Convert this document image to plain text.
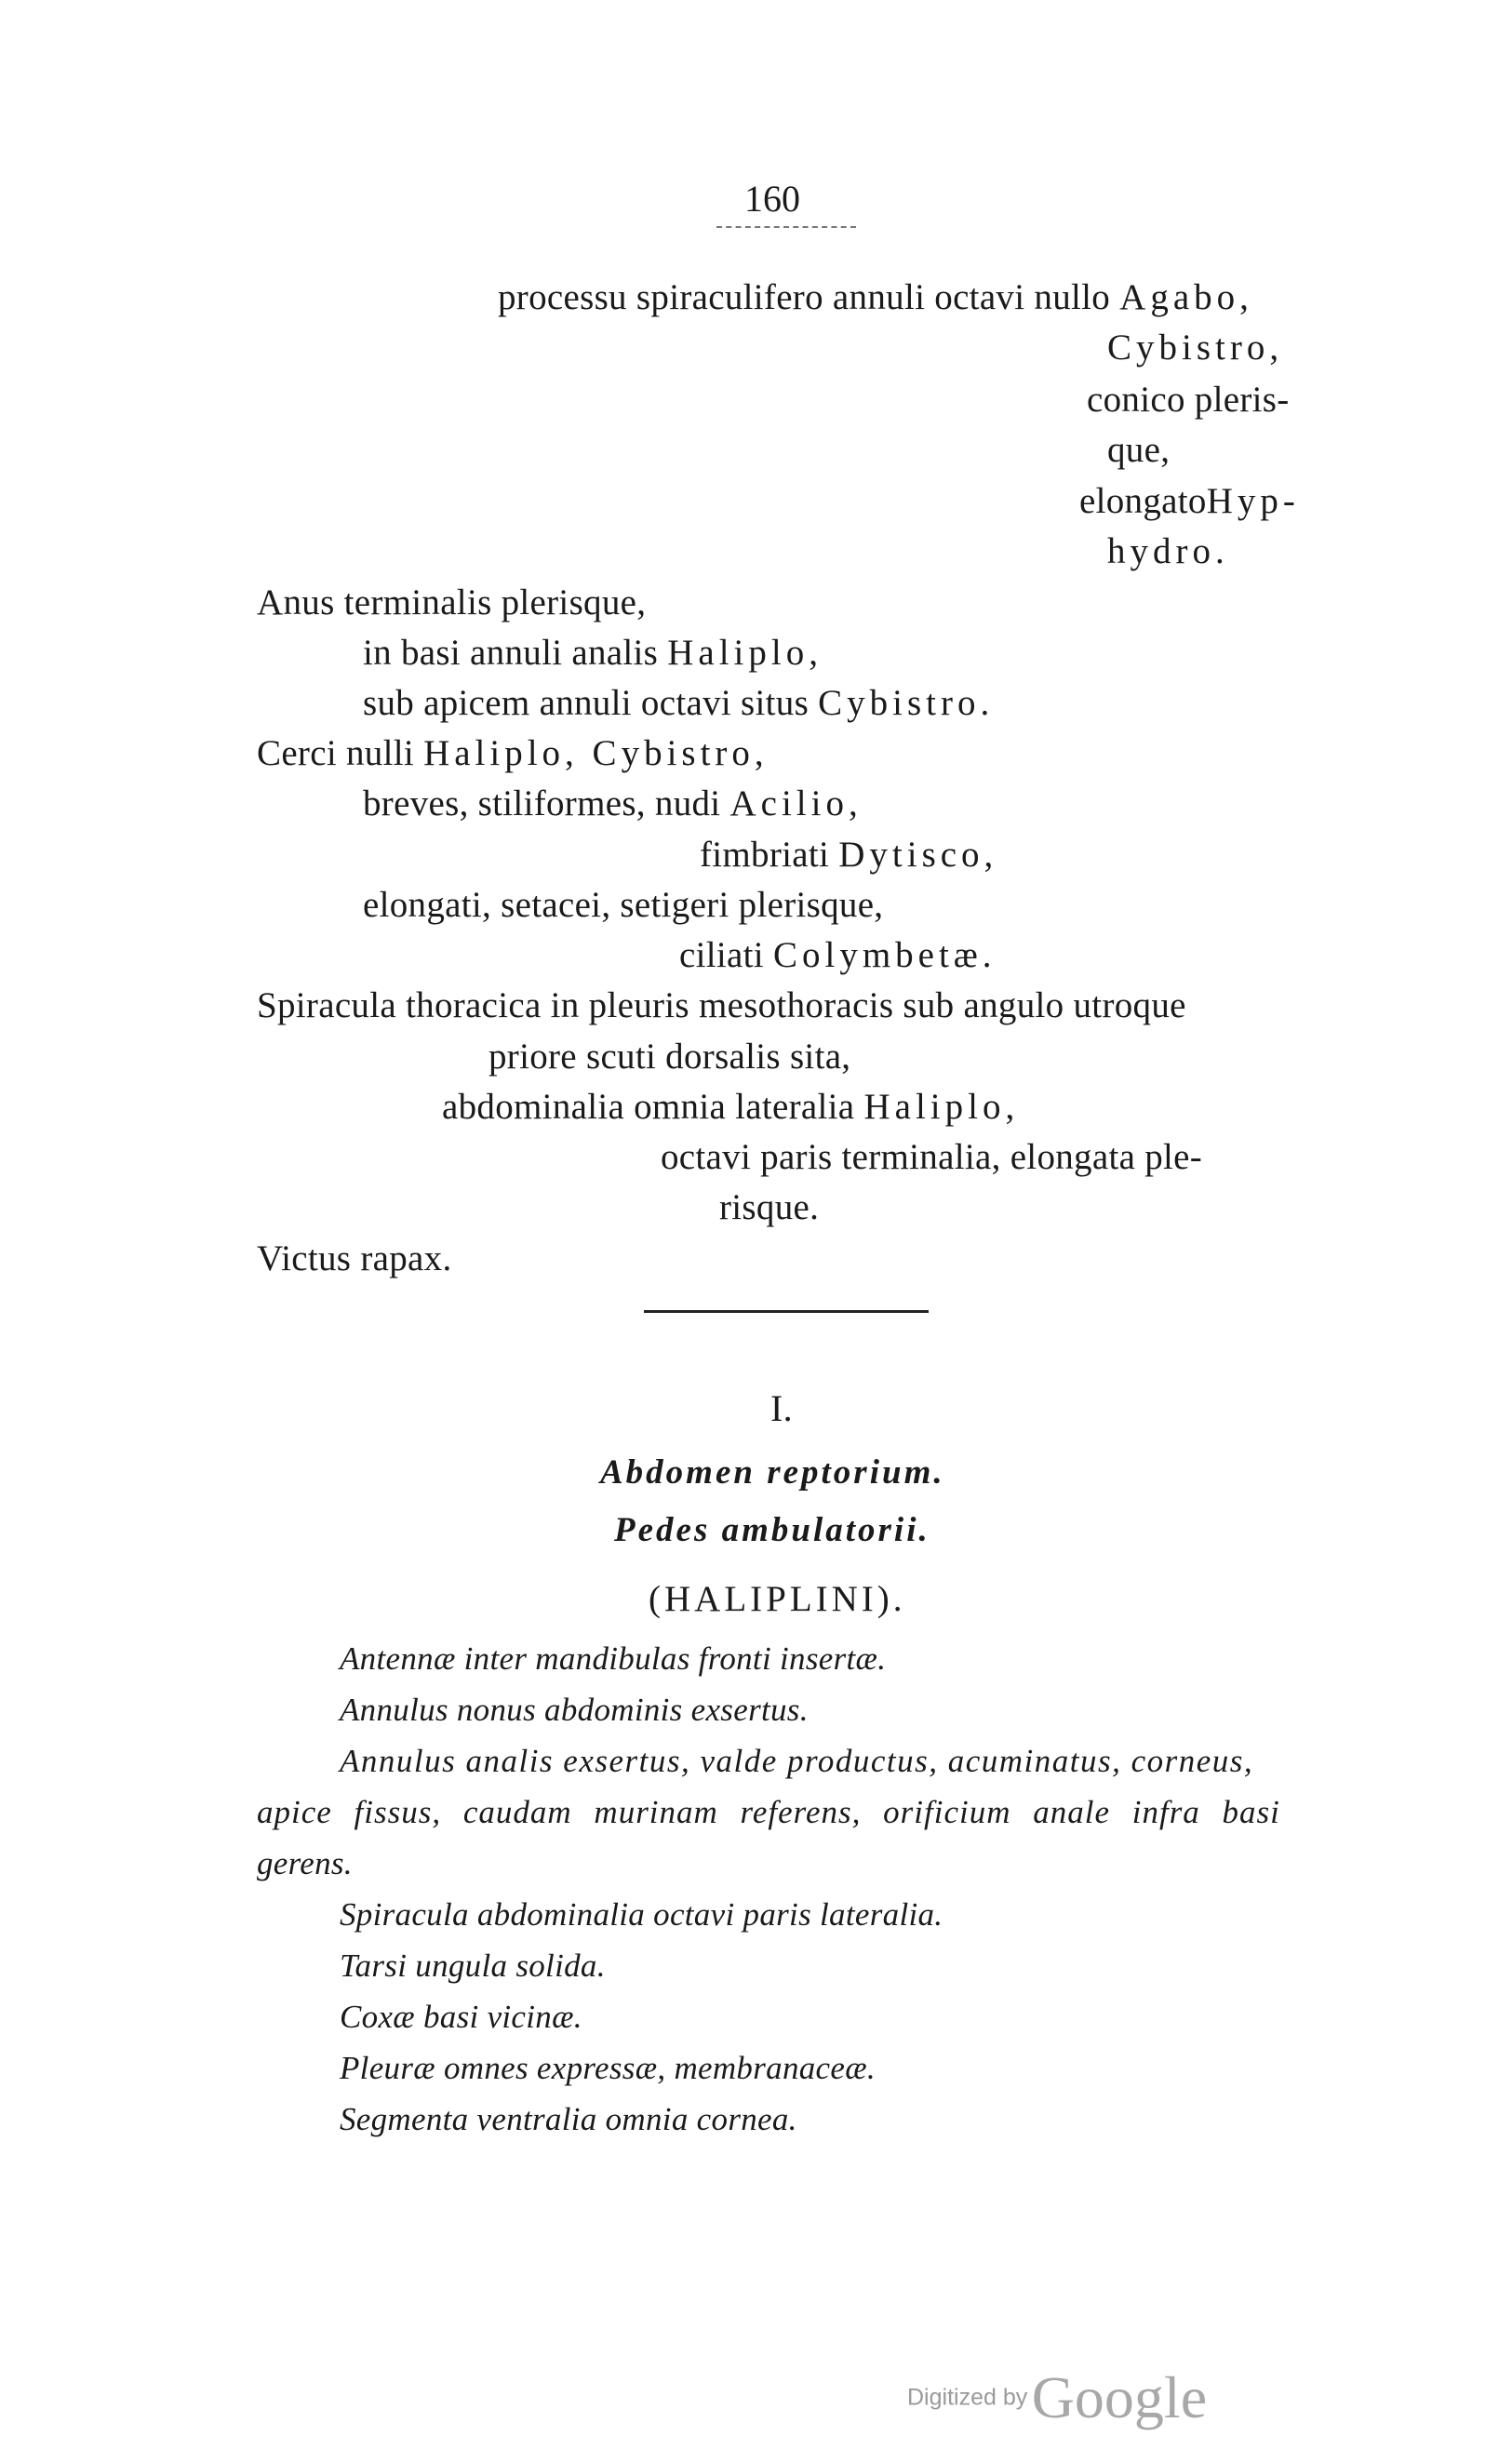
160
processu spiraculifero annuli octavi nullo Agabo,
Cybistro,
conico pleris-
que,
elongatoHyp-
hydro.
Anus terminalis plerisque,
in basi annuli analis Haliplo,
sub apicem annuli octavi situs Cybistro.
Cerci nulli Haliplo, Cybistro,
breves, stiliformes, nudi Acilio,
fimbriati Dytisco,
elongati, setacei, setigeri plerisque,
ciliati Colymbetæ.
Spiracula thoracica in pleuris mesothoracis sub angulo utroque
priore scuti dorsalis sita,
abdominalia omnia lateralia Haliplo,
octavi paris terminalia, elongata ple-
risque.
Victus rapax.
I.
Abdomen reptorium.
Pedes ambulatorii.
(HALIPLINI).
Antennæ inter mandibulas fronti insertæ.
Annulus nonus abdominis exsertus.
Annulus analis exsertus, valde productus, acuminatus, corneus,
apice fissus, caudam murinam referens, orificium anale infra basi
gerens.
Spiracula abdominalia octavi paris lateralia.
Tarsi ungula solida.
Coxæ basi vicinæ.
Pleuræ omnes expressæ, membranaceæ.
Segmenta ventralia omnia cornea.
Digitized by Google
